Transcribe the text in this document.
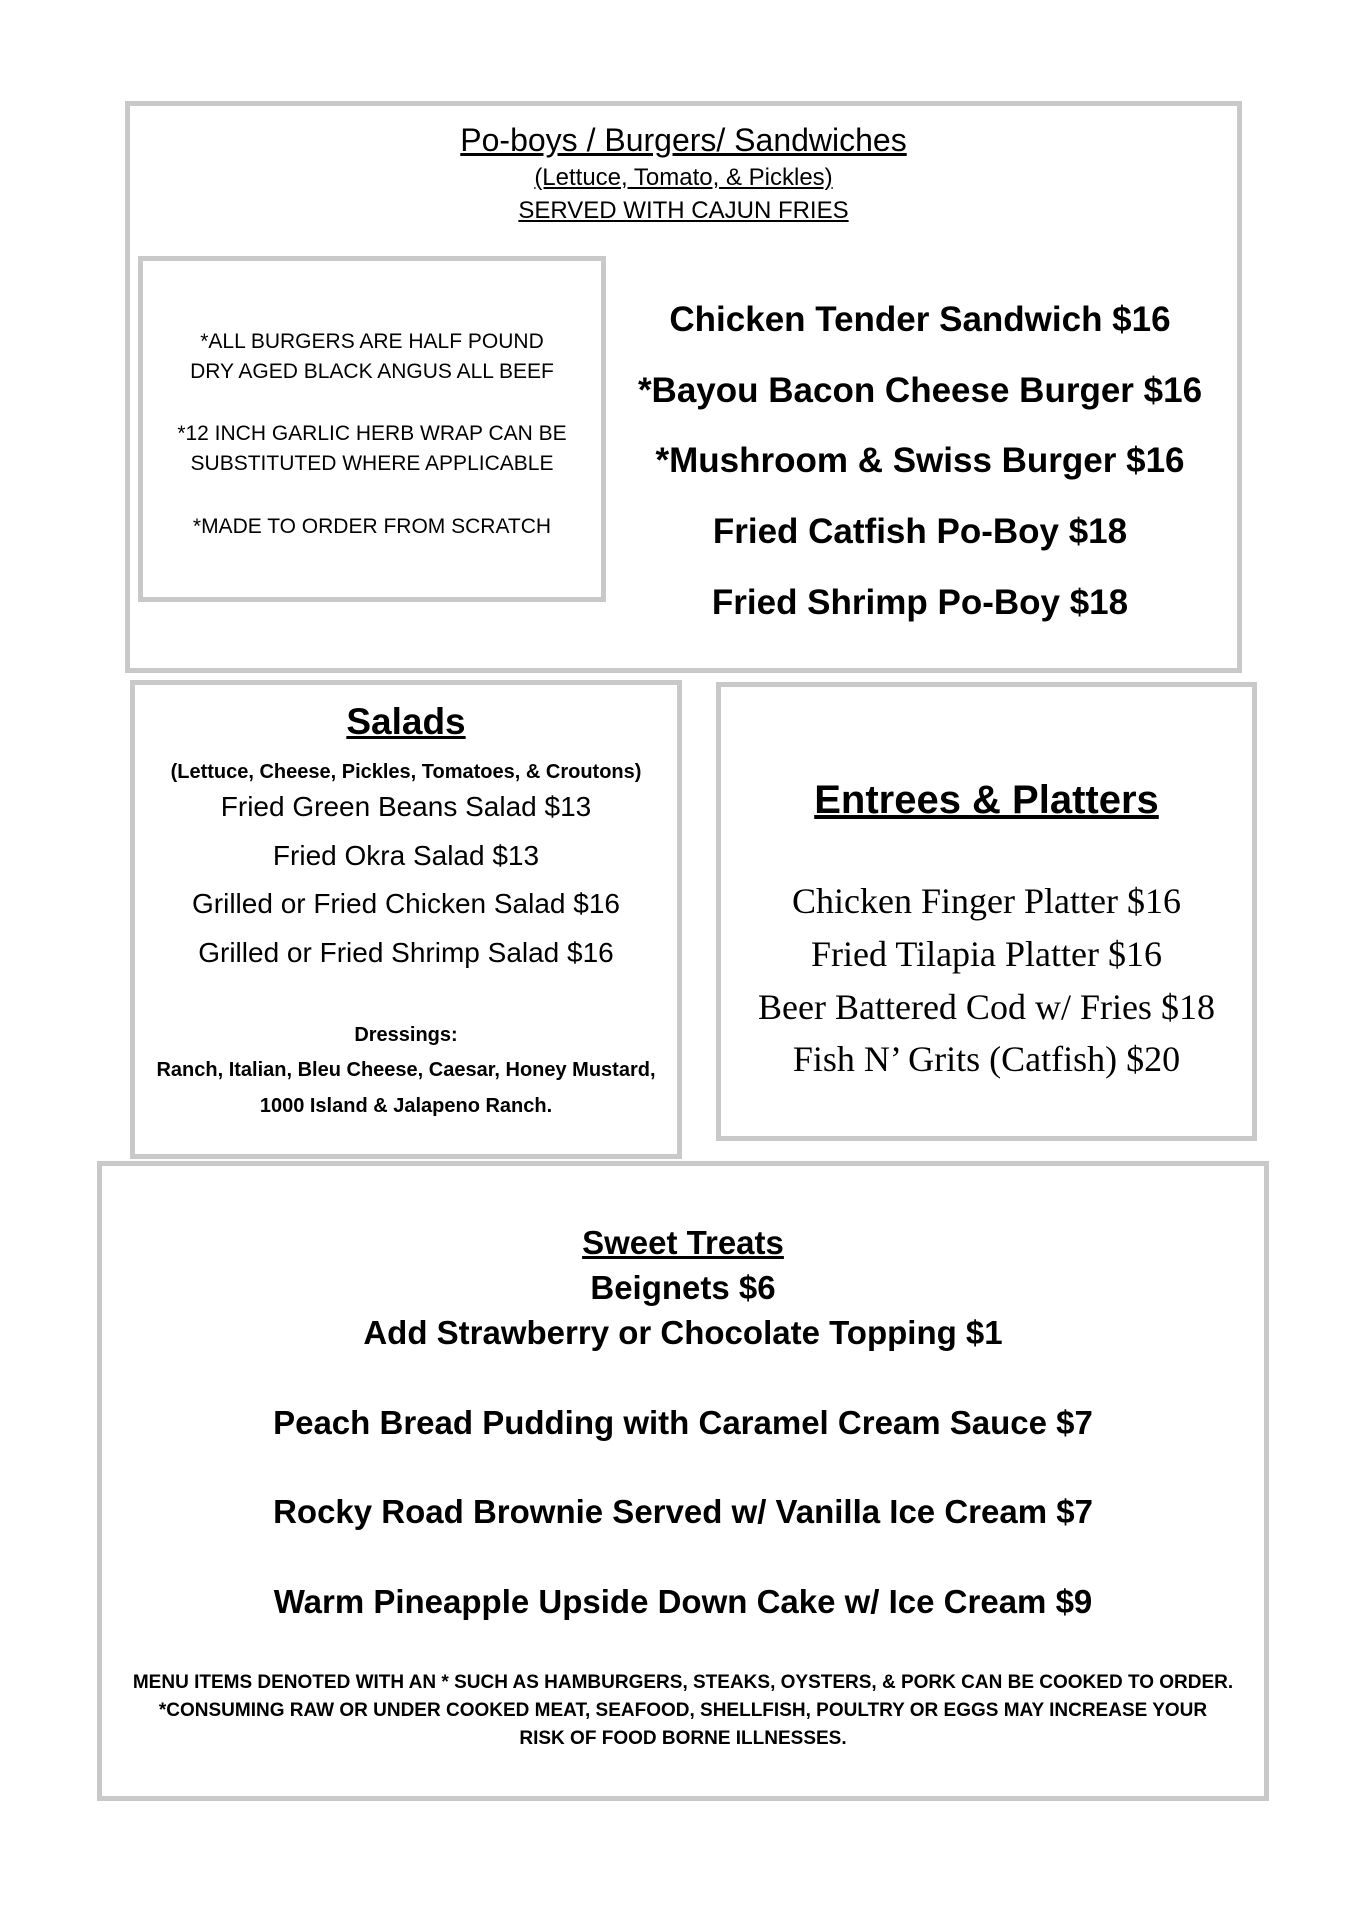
Po-boys / Burgers/ Sandwiches
(Lettuce, Tomato, & Pickles)
SERVED WITH CAJUN FRIES
*ALL BURGERS ARE HALF POUND
DRY AGED BLACK ANGUS ALL BEEF
*12 INCH GARLIC HERB WRAP CAN BE
SUBSTITUTED WHERE APPLICABLE
*MADE TO ORDER FROM SCRATCH
Chicken Tender Sandwich $16
*Bayou Bacon Cheese Burger $16
*Mushroom & Swiss Burger $16
Fried Catfish Po-Boy $18
Fried Shrimp Po-Boy $18
Salads
(Lettuce, Cheese, Pickles, Tomatoes, & Croutons)
Fried Green Beans Salad $13
Fried Okra Salad $13
Grilled or Fried Chicken Salad $16
Grilled or Fried Shrimp Salad $16
Dressings:
Ranch, Italian, Bleu Cheese, Caesar, Honey Mustard,
1000 Island & Jalapeno Ranch.
Entrees & Platters
Chicken Finger Platter $16
Fried Tilapia Platter $16
Beer Battered Cod w/ Fries $18
Fish N’ Grits (Catfish) $20
Sweet Treats
Beignets $6
Add Strawberry or Chocolate Topping $1
Peach Bread Pudding with Caramel Cream Sauce $7
Rocky Road Brownie Served w/ Vanilla Ice Cream $7
Warm Pineapple Upside Down Cake w/ Ice Cream $9
MENU ITEMS DENOTED WITH AN * SUCH AS HAMBURGERS, STEAKS, OYSTERS, & PORK CAN BE COOKED TO ORDER.
*CONSUMING RAW OR UNDER COOKED MEAT, SEAFOOD, SHELLFISH, POULTRY OR EGGS MAY INCREASE YOUR
RISK OF FOOD BORNE ILLNESSES.
